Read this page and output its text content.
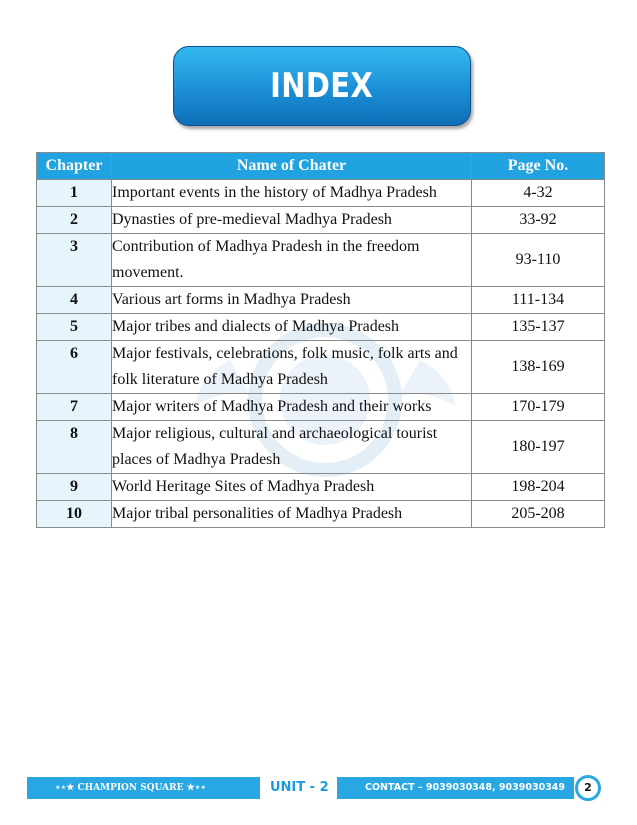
INDEX
Chapter	Name of Chater	Page No.
1	Important events in the history of Madhya Pradesh	4-32
2	Dynasties of pre-medieval Madhya Pradesh	33-92
3	Contribution of Madhya Pradesh in the freedom movement.	93-110
4	Various art forms in Madhya Pradesh	111-134
5	Major tribes and dialects of Madhya Pradesh	135-137
6	Major festivals, celebrations, folk music, folk arts and folk literature of Madhya Pradesh	138-169
7	Major writers of Madhya Pradesh and their works	170-179
8	Major religious, cultural and archaeological tourist places of Madhya Pradesh	180-197
9	World Heritage Sites of Madhya Pradesh	198-204
10	Major tribal personalities of Madhya Pradesh	205-208
⋆⋆★ CHAMPION SQUARE ★⋆⋆	UNIT - 2	CONTACT – 9039030348, 9039030349	2
